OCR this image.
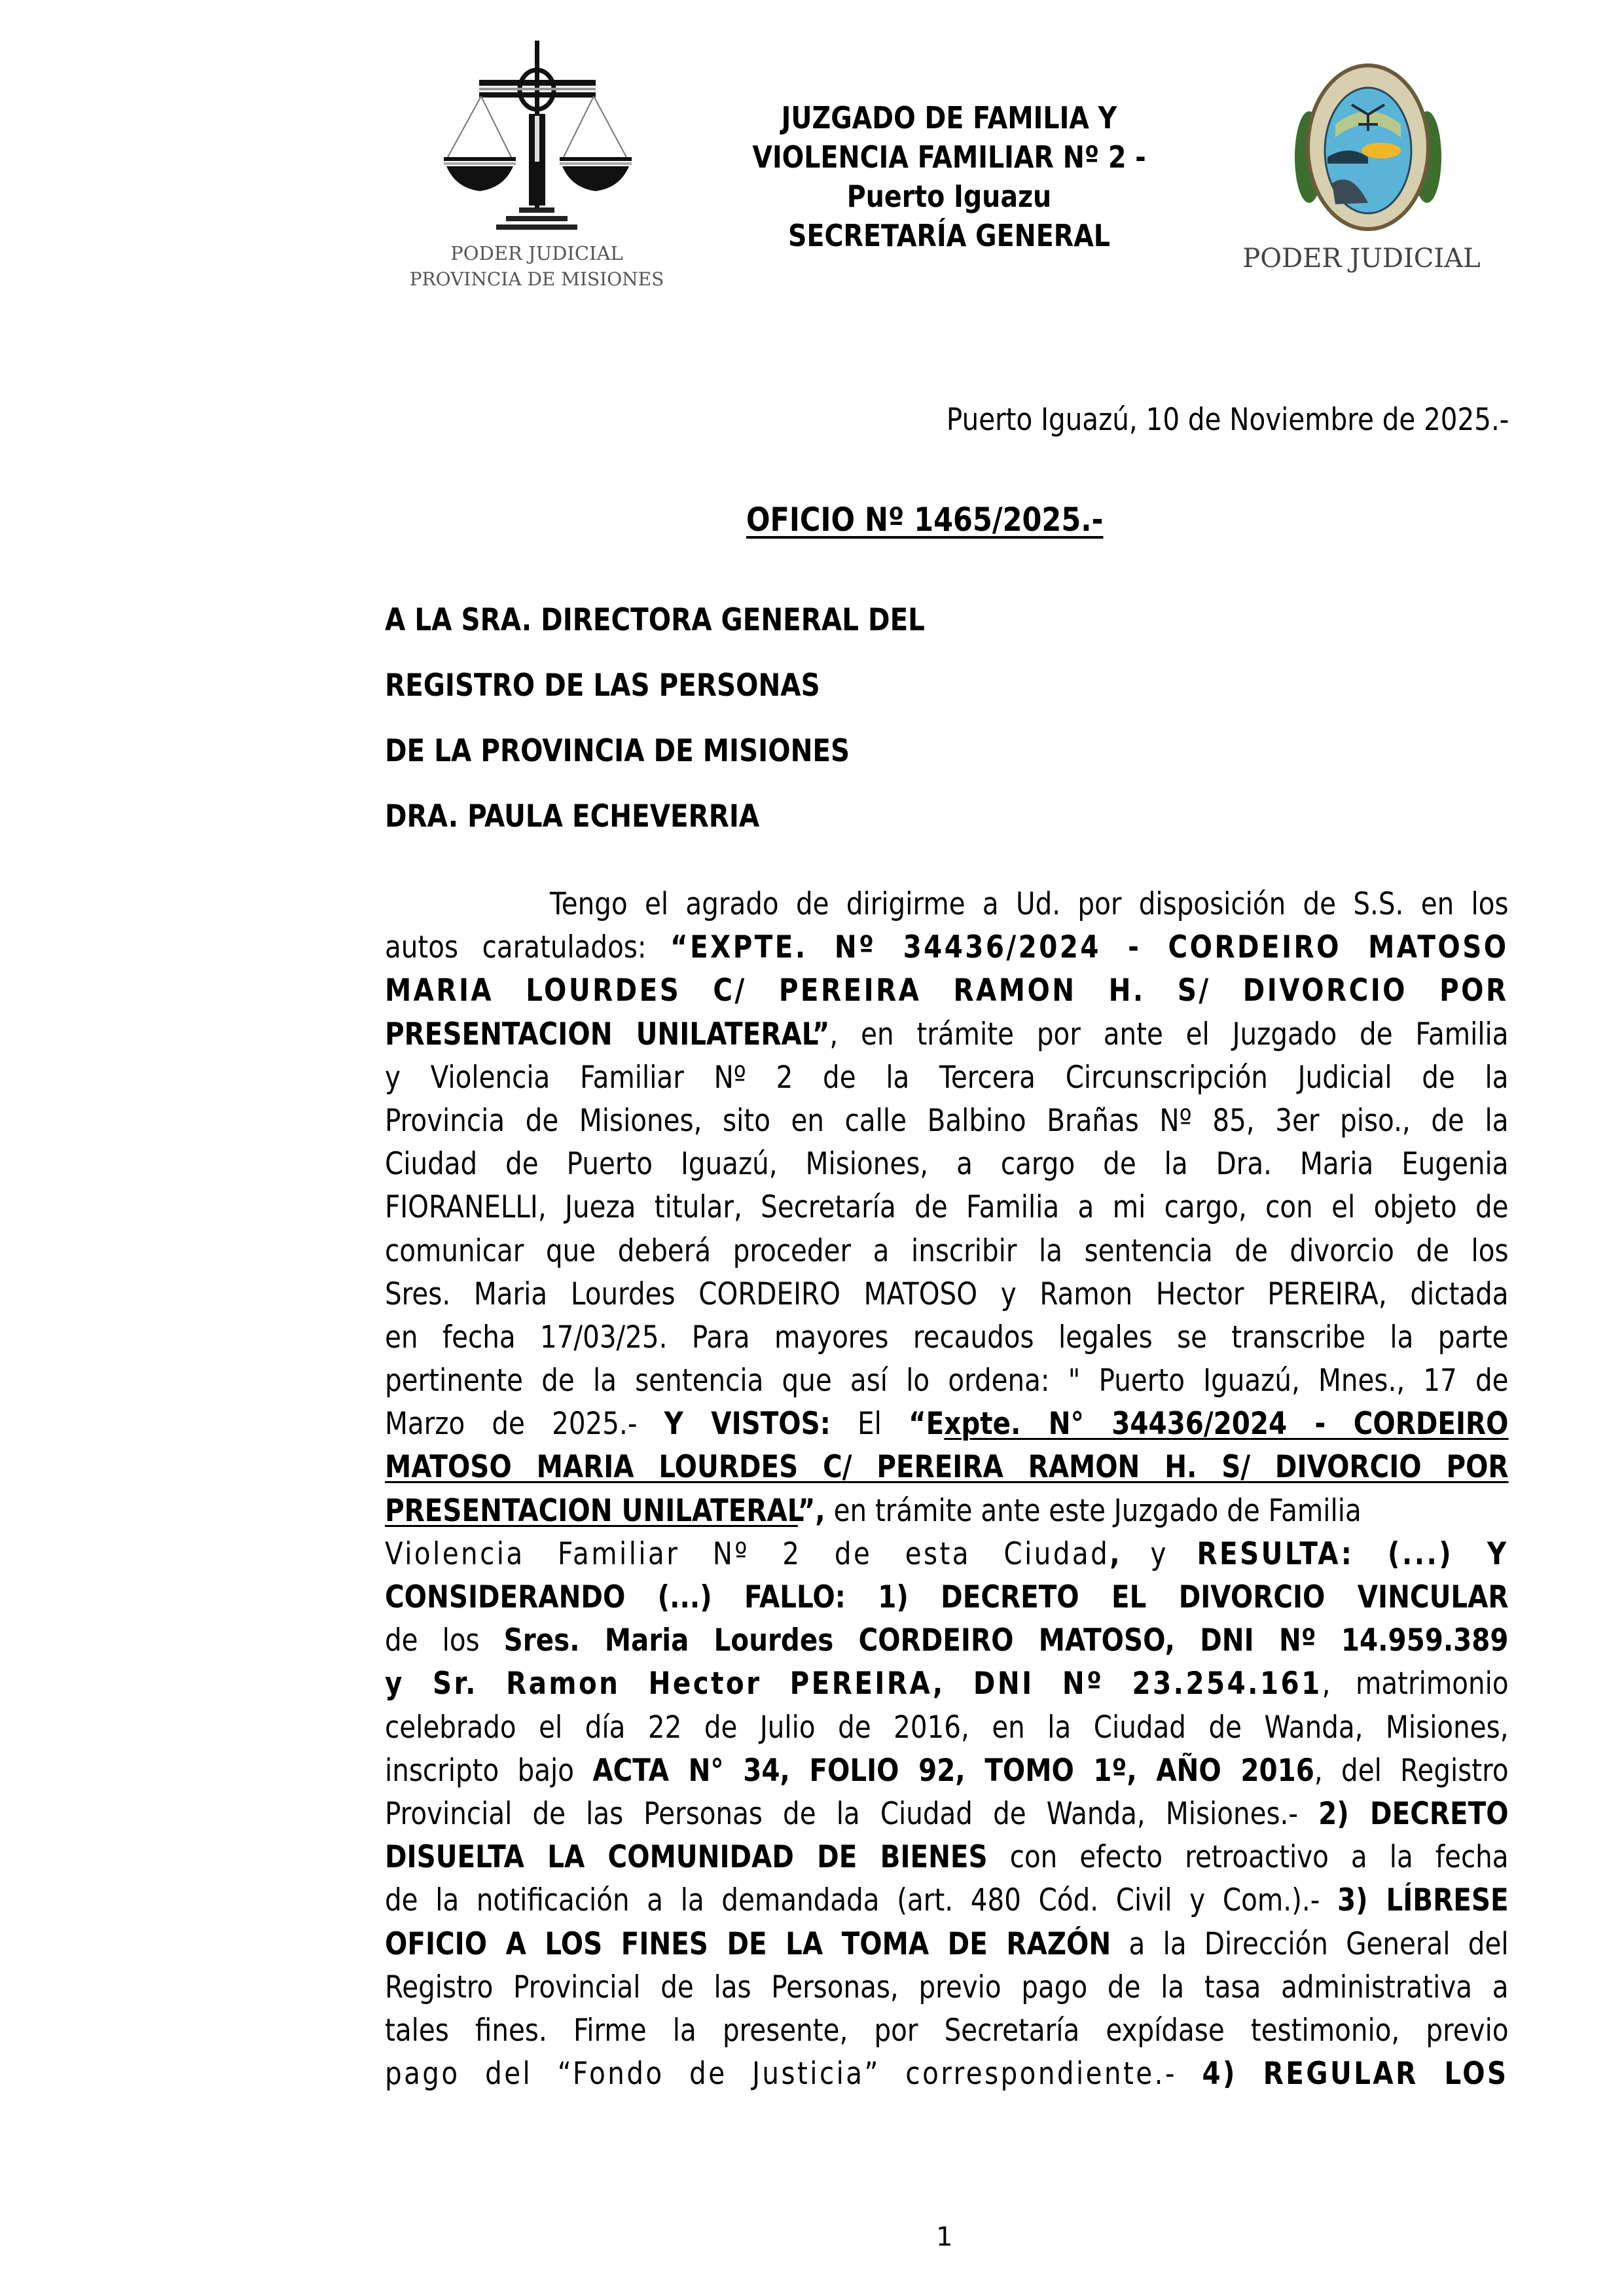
PODER JUDICIAL
PROVINCIA DE MISIONES
JUZGADO DE FAMILIA Y
VIOLENCIA FAMILIAR Nº 2 -
Puerto Iguazu
SECRETARÍA GENERAL
PODER JUDICIAL
Puerto Iguazú, 10 de Noviembre de 2025.-
OFICIO Nº 1465/2025.-
A LA SRA. DIRECTORA GENERAL DEL
REGISTRO DE LAS PERSONAS
DE LA PROVINCIA DE MISIONES
DRA. PAULA ECHEVERRIA
Tengo el agrado de dirigirme a Ud. por disposición de S.S. en los
autos caratulados: “EXPTE. Nº 34436/2024 - CORDEIRO MATOSO
MARIA LOURDES C/ PEREIRA RAMON H. S/ DIVORCIO POR
PRESENTACION UNILATERAL”, en trámite por ante el Juzgado de Familia
y Violencia Familiar Nº 2 de la Tercera Circunscripción Judicial de la
Provincia de Misiones, sito en calle Balbino Brañas Nº 85, 3er piso., de la
Ciudad de Puerto Iguazú, Misiones, a cargo de la Dra. Maria Eugenia
FIORANELLI, Jueza titular, Secretaría de Familia a mi cargo, con el objeto de
comunicar que deberá proceder a inscribir la sentencia de divorcio de los
Sres. Maria Lourdes CORDEIRO MATOSO y Ramon Hector PEREIRA, dictada
en fecha 17/03/25. Para mayores recaudos legales se transcribe la parte
pertinente de la sentencia que así lo ordena: " Puerto Iguazú, Mnes., 17 de
Marzo de 2025.- Y VISTOS: El “Expte. N° 34436/2024 - CORDEIRO
MATOSO MARIA LOURDES C/ PEREIRA RAMON H. S/ DIVORCIO POR
PRESENTACION UNILATERAL”, en trámite ante este Juzgado de Familia
Violencia Familiar Nº 2 de esta Ciudad, y RESULTA: (...) Y
CONSIDERANDO (...) FALLO: 1) DECRETO EL DIVORCIO VINCULAR
de los Sres. Maria Lourdes CORDEIRO MATOSO, DNI Nº 14.959.389
y Sr. Ramon Hector PEREIRA, DNI Nº 23.254.161, matrimonio
celebrado el día 22 de Julio de 2016, en la Ciudad de Wanda, Misiones,
inscripto bajo ACTA N° 34, FOLIO 92, TOMO 1º, AÑO 2016, del Registro
Provincial de las Personas de la Ciudad de Wanda, Misiones.- 2) DECRETO
DISUELTA LA COMUNIDAD DE BIENES con efecto retroactivo a la fecha
de la notificación a la demandada (art. 480 Cód. Civil y Com.).- 3) LÍBRESE
OFICIO A LOS FINES DE LA TOMA DE RAZÓN a la Dirección General del
Registro Provincial de las Personas, previo pago de la tasa administrativa a
tales fines. Firme la presente, por Secretaría expídase testimonio, previo
pago del “Fondo de Justicia” correspondiente.- 4) REGULAR LOS
1
